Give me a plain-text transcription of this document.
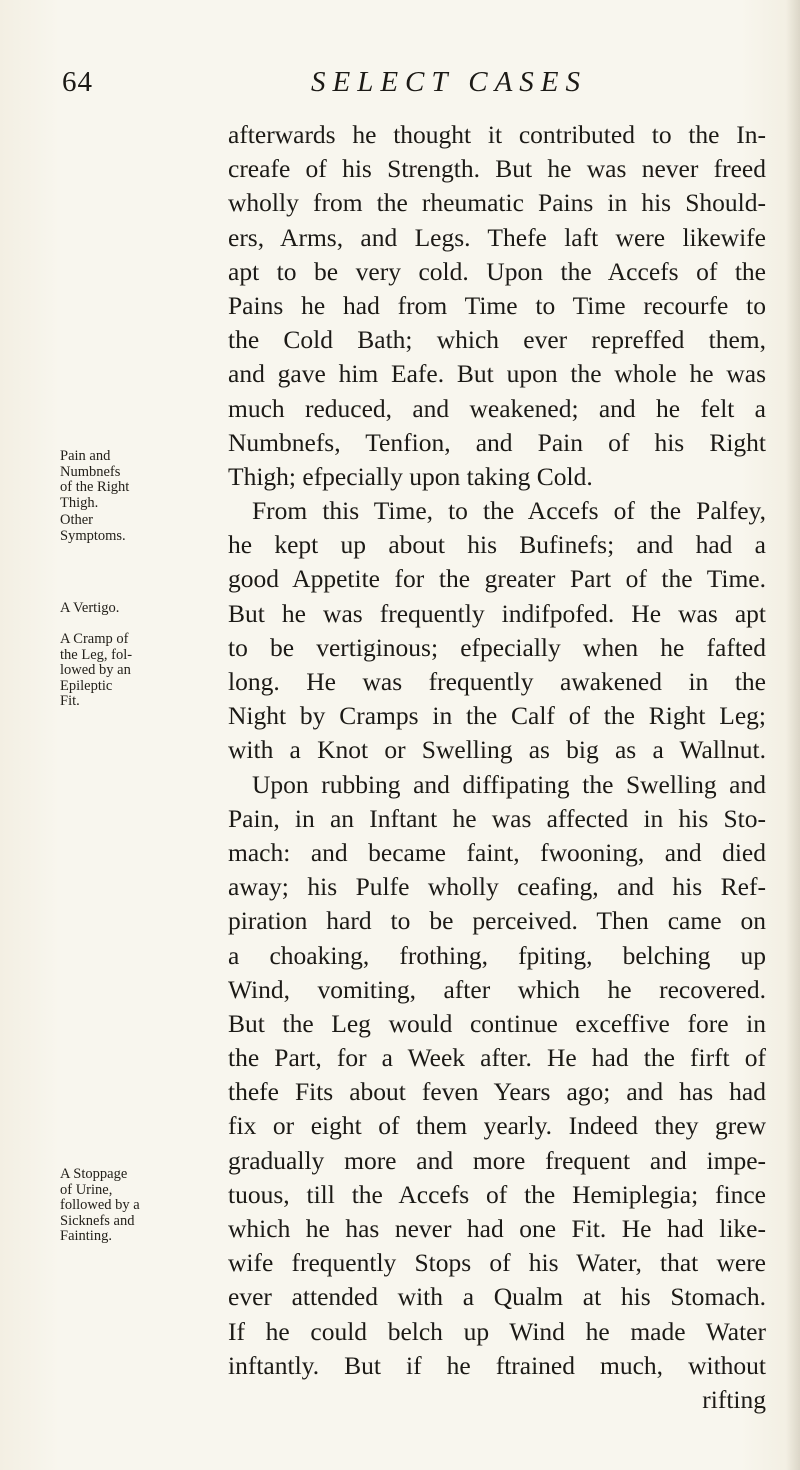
64	SELECT CASES
Pain and
Numbnefs
of the Right
Thigh.
Other
Symptoms.
A Vertigo.
A Cramp of
the Leg, fol-
lowed by an
Epileptic
Fit.
A Stoppage
of Urine,
followed by a
Sicknefs and
Fainting.
afterwards he thought it contributed to the In-
creafe of his Strength. But he was never freed
wholly from the rheumatic Pains in his Should-
ers, Arms, and Legs. Thefe laft were likewife
apt to be very cold. Upon the Accefs of the
Pains he had from Time to Time recourfe to
the Cold Bath; which ever repreffed them,
and gave him Eafe. But upon the whole he was
much reduced, and weakened; and he felt a
Numbnefs, Tenfion, and Pain of his Right
Thigh; efpecially upon taking Cold.
From this Time, to the Accefs of the Palfey,
he kept up about his Bufinefs; and had a
good Appetite for the greater Part of the Time.
But he was frequently indifpofed. He was apt
to be vertiginous; efpecially when he fafted
long. He was frequently awakened in the
Night by Cramps in the Calf of the Right Leg;
with a Knot or Swelling as big as a Wallnut.
Upon rubbing and diffipating the Swelling and
Pain, in an Inftant he was affected in his Sto-
mach: and became faint, fwooning, and died
away; his Pulfe wholly ceafing, and his Ref-
piration hard to be perceived. Then came on
a choaking, frothing, fpiting, belching up
Wind, vomiting, after which he recovered.
But the Leg would continue exceffive fore in
the Part, for a Week after. He had the firft of
thefe Fits about feven Years ago; and has had
fix or eight of them yearly. Indeed they grew
gradually more and more frequent and impe-
tuous, till the Accefs of the Hemiplegia; fince
which he has never had one Fit. He had like-
wife frequently Stops of his Water, that were
ever attended with a Qualm at his Stomach.
If he could belch up Wind he made Water
inftantly. But if he ftrained much, without
rifting
